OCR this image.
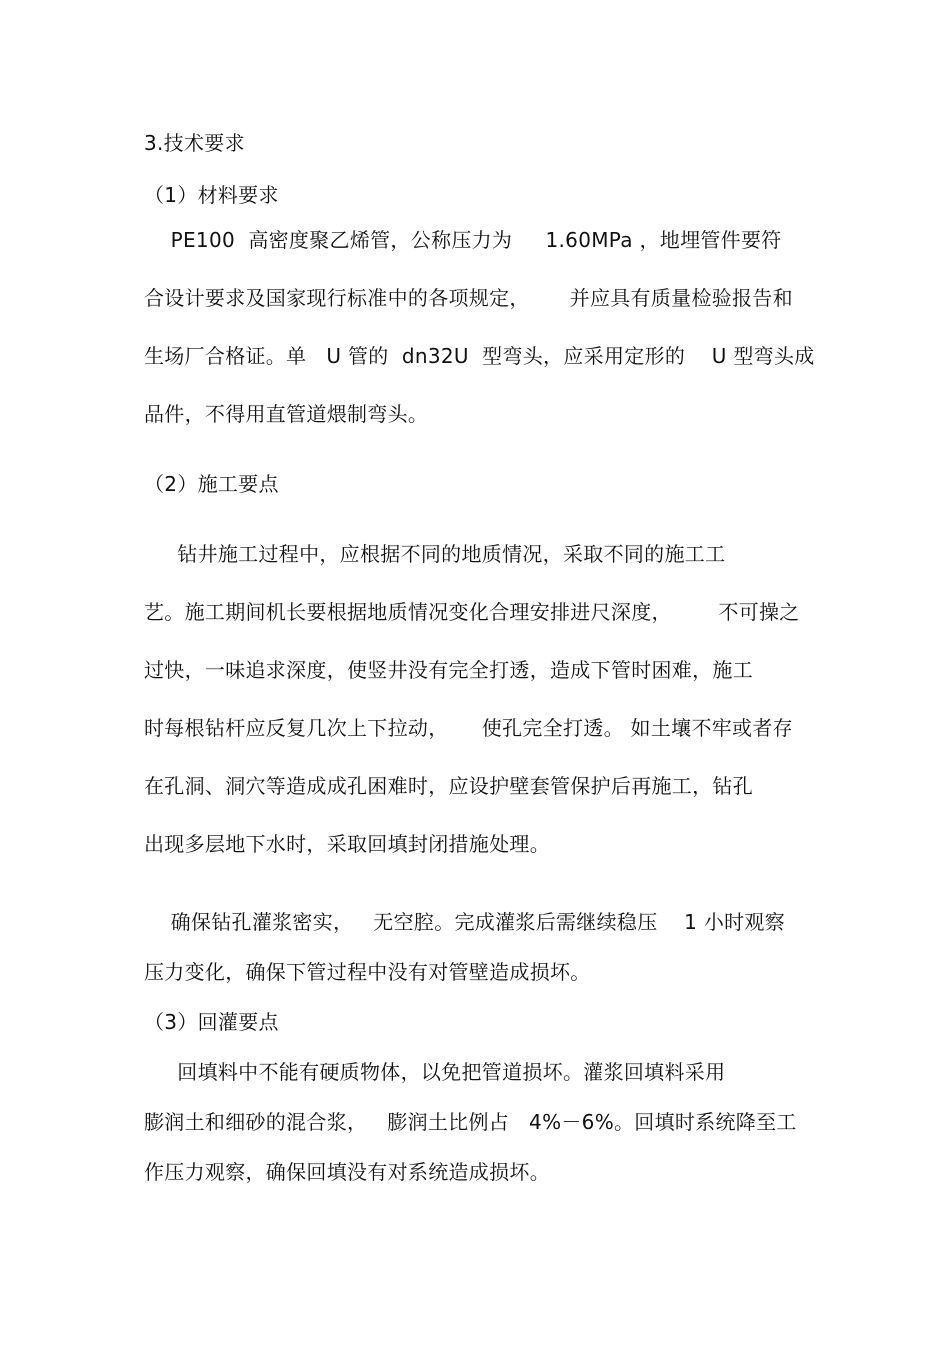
3.技术要求
（1）材料要求
PE100  高密度聚乙烯管，公称压力为     1.60MPa ，地埋管件要符
合设计要求及国家现行标准中的各项规定，      并应具有质量检验报告和
生场厂合格证。单   U 管的  dn32U  型弯头，应采用定形的    U 型弯头成
品件，不得用直管道煨制弯头。
（2）施工要点
钻井施工过程中，应根据不同的地质情况，采取不同的施工工
艺。施工期间机长要根据地质情况变化合理安排进尺深度，       不可操之
过快，一味追求深度，使竖井没有完全打透，造成下管时困难，施工
时每根钻杆应反复几次上下拉动，     使孔完全打透。 如土壤不牢或者存
在孔洞、洞穴等造成成孔困难时，应设护壁套管保护后再施工，钻孔
出现多层地下水时，采取回填封闭措施处理。
确保钻孔灌浆密实，   无空腔。完成灌浆后需继续稳压    1 小时观察
压力变化，确保下管过程中没有对管壁造成损坏。
（3）回灌要点
回填料中不能有硬质物体，以免把管道损坏。灌浆回填料采用
膨润土和细砂的混合浆，   膨润土比例占   4%－6%。回填时系统降至工
作压力观察，确保回填没有对系统造成损坏。
